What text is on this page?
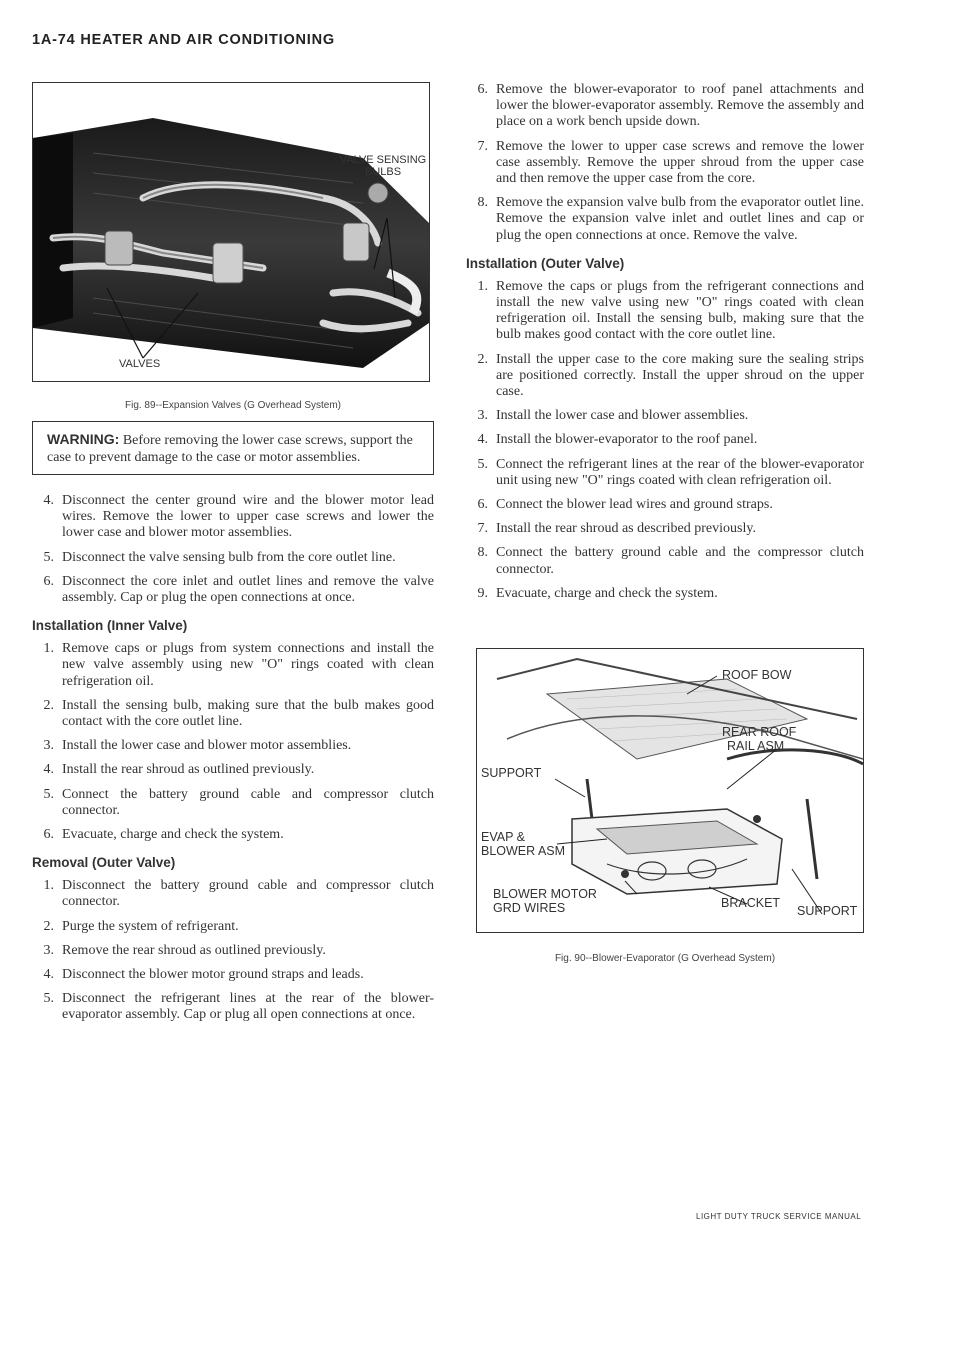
1A-74 HEATER AND AIR CONDITIONING
VALVE SENSING
BULBS
VALVES
Fig. 89--Expansion Valves (G Overhead System)
WARNING: Before removing the lower case screws, support the case to prevent damage to the case or motor assemblies.
4. Disconnect the center ground wire and the blower motor lead wires. Remove the lower to upper case screws and lower the lower case and blower motor assemblies.
5. Disconnect the valve sensing bulb from the core outlet line.
6. Disconnect the core inlet and outlet lines and remove the valve assembly. Cap or plug the open connections at once.
Installation (Inner Valve)
1. Remove caps or plugs from system connections and install the new valve assembly using new "O" rings coated with clean refrigeration oil.
2. Install the sensing bulb, making sure that the bulb makes good contact with the core outlet line.
3. Install the lower case and blower motor assemblies.
4. Install the rear shroud as outlined previously.
5. Connect the battery ground cable and compressor clutch connector.
6. Evacuate, charge and check the system.
Removal (Outer Valve)
1. Disconnect the battery ground cable and compressor clutch connector.
2. Purge the system of refrigerant.
3. Remove the rear shroud as outlined previously.
4. Disconnect the blower motor ground straps and leads.
5. Disconnect the refrigerant lines at the rear of the blower-evaporator assembly. Cap or plug all open connections at once.
6. Remove the blower-evaporator to roof panel attachments and lower the blower-evaporator assembly. Remove the assembly and place on a work bench upside down.
7. Remove the lower to upper case screws and remove the lower case assembly. Remove the upper shroud from the upper case and then remove the upper case from the core.
8. Remove the expansion valve bulb from the evaporator outlet line. Remove the expansion valve inlet and outlet lines and cap or plug the open connections at once. Remove the valve.
Installation (Outer Valve)
1. Remove the caps or plugs from the refrigerant connections and install the new valve using new "O" rings coated with clean refrigeration oil. Install the sensing bulb, making sure that the bulb makes good contact with the core outlet line.
2. Install the upper case to the core making sure the sealing strips are positioned correctly. Install the upper shroud on the upper case.
3. Install the lower case and blower assemblies.
4. Install the blower-evaporator to the roof panel.
5. Connect the refrigerant lines at the rear of the blower-evaporator unit using new "O" rings coated with clean refrigeration oil.
6. Connect the blower lead wires and ground straps.
7. Install the rear shroud as described previously.
8. Connect the battery ground cable and the compressor clutch connector.
9. Evacuate, charge and check the system.
ROOF BOW
REAR ROOF
RAIL ASM
SUPPORT
EVAP &
BLOWER ASM
BLOWER MOTOR
GRD WIRES	BRACKET
SUPPORT
Fig. 90--Blower-Evaporator (G Overhead System)
LIGHT DUTY TRUCK SERVICE MANUAL
